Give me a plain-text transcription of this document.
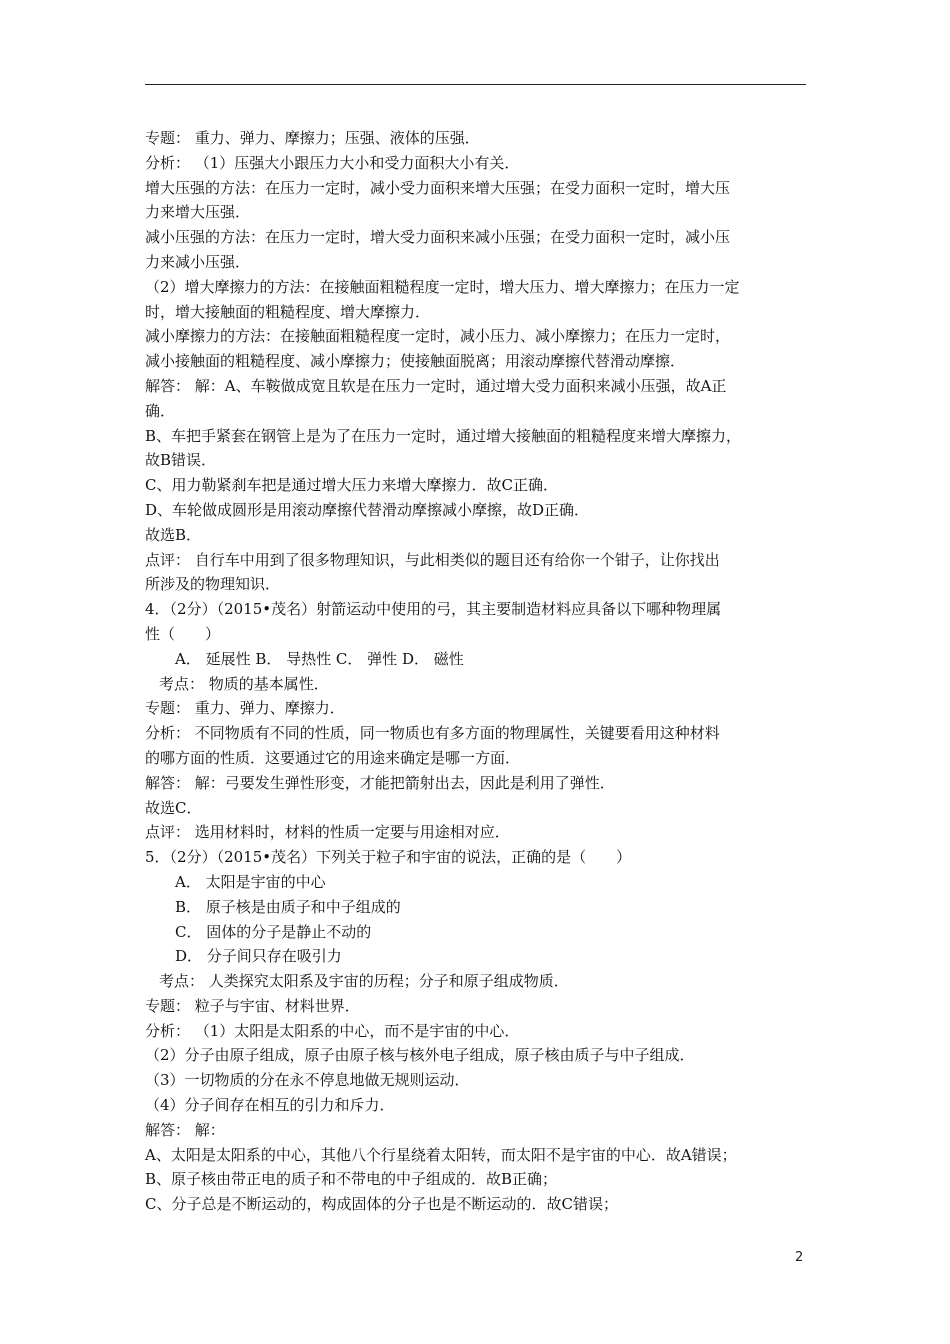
专题： 重力、弹力、摩擦力；压强、液体的压强．
分析： （1）压强大小跟压力大小和受力面积大小有关．
增大压强的方法：在压力一定时，减小受力面积来增大压强；在受力面积一定时，增大压
力来增大压强．
减小压强的方法：在压力一定时，增大受力面积来减小压强；在受力面积一定时，减小压
力来减小压强．
（2）增大摩擦力的方法：在接触面粗糙程度一定时，增大压力、增大摩擦力；在压力一定
时，增大接触面的粗糙程度、增大摩擦力．
减小摩擦力的方法：在接触面粗糙程度一定时，减小压力、减小摩擦力；在压力一定时，
减小接触面的粗糙程度、减小摩擦力；使接触面脱离；用滚动摩擦代替滑动摩擦．
解答： 解：A、车鞍做成宽且软是在压力一定时，通过增大受力面积来减小压强，故A正
确．
B、车把手紧套在钢管上是为了在压力一定时，通过增大接触面的粗糙程度来增大摩擦力，
故B错误．
C、用力勒紧刹车把是通过增大压力来增大摩擦力．故C正确．
D、车轮做成圆形是用滚动摩擦代替滑动摩擦减小摩擦，故D正确．
故选B．
点评： 自行车中用到了很多物理知识，与此相类似的题目还有给你一个钳子，让你找出
所涉及的物理知识．
4．（2分）（2015•茂名）射箭运动中使用的弓，其主要制造材料应具备以下哪种物理属
性（　　）
A． 延展性 B． 导热性 C． 弹性 D． 磁性
考点： 物质的基本属性．
专题： 重力、弹力、摩擦力．
分析： 不同物质有不同的性质，同一物质也有多方面的物理属性，关键要看用这种材料
的哪方面的性质．这要通过它的用途来确定是哪一方面．
解答： 解：弓要发生弹性形变，才能把箭射出去，因此是利用了弹性．
故选C．
点评： 选用材料时，材料的性质一定要与用途相对应．
5．（2分）（2015•茂名）下列关于粒子和宇宙的说法，正确的是（　　）
A． 太阳是宇宙的中心
B． 原子核是由质子和中子组成的
C． 固体的分子是静止不动的
D． 分子间只存在吸引力
考点： 人类探究太阳系及宇宙的历程；分子和原子组成物质．
专题： 粒子与宇宙、材料世界．
分析： （1）太阳是太阳系的中心，而不是宇宙的中心．
（2）分子由原子组成，原子由原子核与核外电子组成，原子核由质子与中子组成．
（3）一切物质的分在永不停息地做无规则运动．
（4）分子间存在相互的引力和斥力．
解答： 解：
A、太阳是太阳系的中心，其他八个行星绕着太阳转，而太阳不是宇宙的中心．故A错误；
B、原子核由带正电的质子和不带电的中子组成的．故B正确；
C、分子总是不断运动的，构成固体的分子也是不断运动的．故C错误；
2
